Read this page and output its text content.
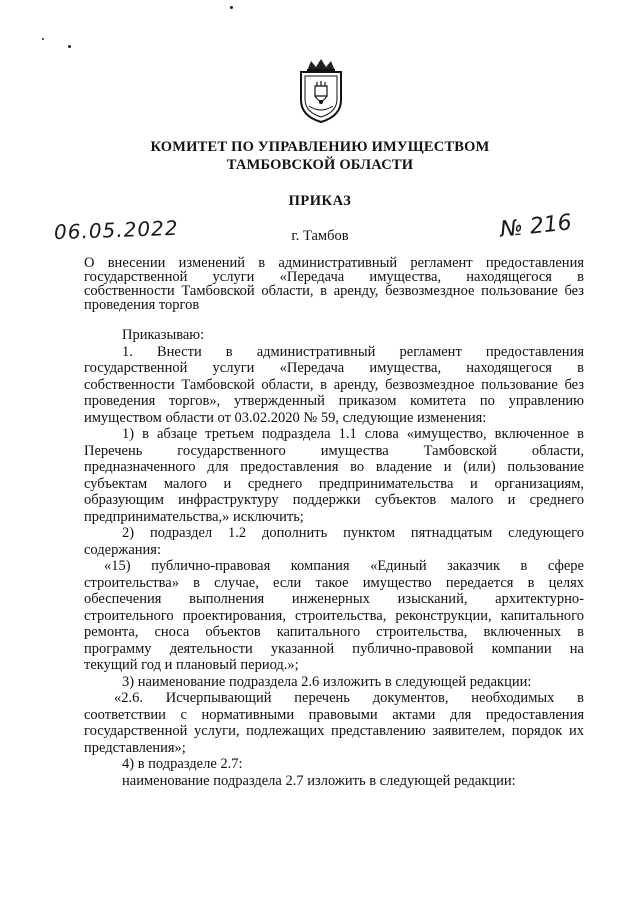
КОМИТЕТ ПО УПРАВЛЕНИЮ ИМУЩЕСТВОМ
ТАМБОВСКОЙ ОБЛАСТИ
ПРИКАЗ
06.05.2022	г. Тамбов	№ 216
О внесении изменений в административный регламент предоставления
государственной услуги «Передача имущества, находящегося в
собственности Тамбовской области, в аренду, безвозмездное пользование без
проведения торгов
Приказываю:
1. Внести в административный регламент предоставления
государственной услуги «Передача имущества, находящегося в
собственности Тамбовской области, в аренду, безвозмездное пользование без
проведения торгов», утвержденный приказом комитета по управлению
имуществом области от 03.02.2020 № 59, следующие изменения:
1) в абзаце третьем подраздела 1.1 слова «имущество, включенное в
Перечень государственного имущества Тамбовской области,
предназначенного для предоставления во владение и (или) пользование
субъектам малого и среднего предпринимательства и организациям,
образующим инфраструктуру поддержки субъектов малого и среднего
предпринимательства,» исключить;
2) подраздел 1.2 дополнить пунктом пятнадцатым следующего
содержания:
«15) публично-правовая компания «Единый заказчик в сфере
строительства» в случае, если такое имущество передается в целях
обеспечения выполнения инженерных изысканий, архитектурно-
строительного проектирования, строительства, реконструкции, капитального
ремонта, сноса объектов капитального строительства, включенных в
программу деятельности указанной публично-правовой компании на
текущий год и плановый период.»;
3) наименование подраздела 2.6 изложить в следующей редакции:
«2.6. Исчерпывающий перечень документов, необходимых в
соответствии с нормативными правовыми актами для предоставления
государственной услуги, подлежащих представлению заявителем, порядок их
представления»;
4) в подразделе 2.7:
наименование подраздела 2.7 изложить в следующей редакции:
